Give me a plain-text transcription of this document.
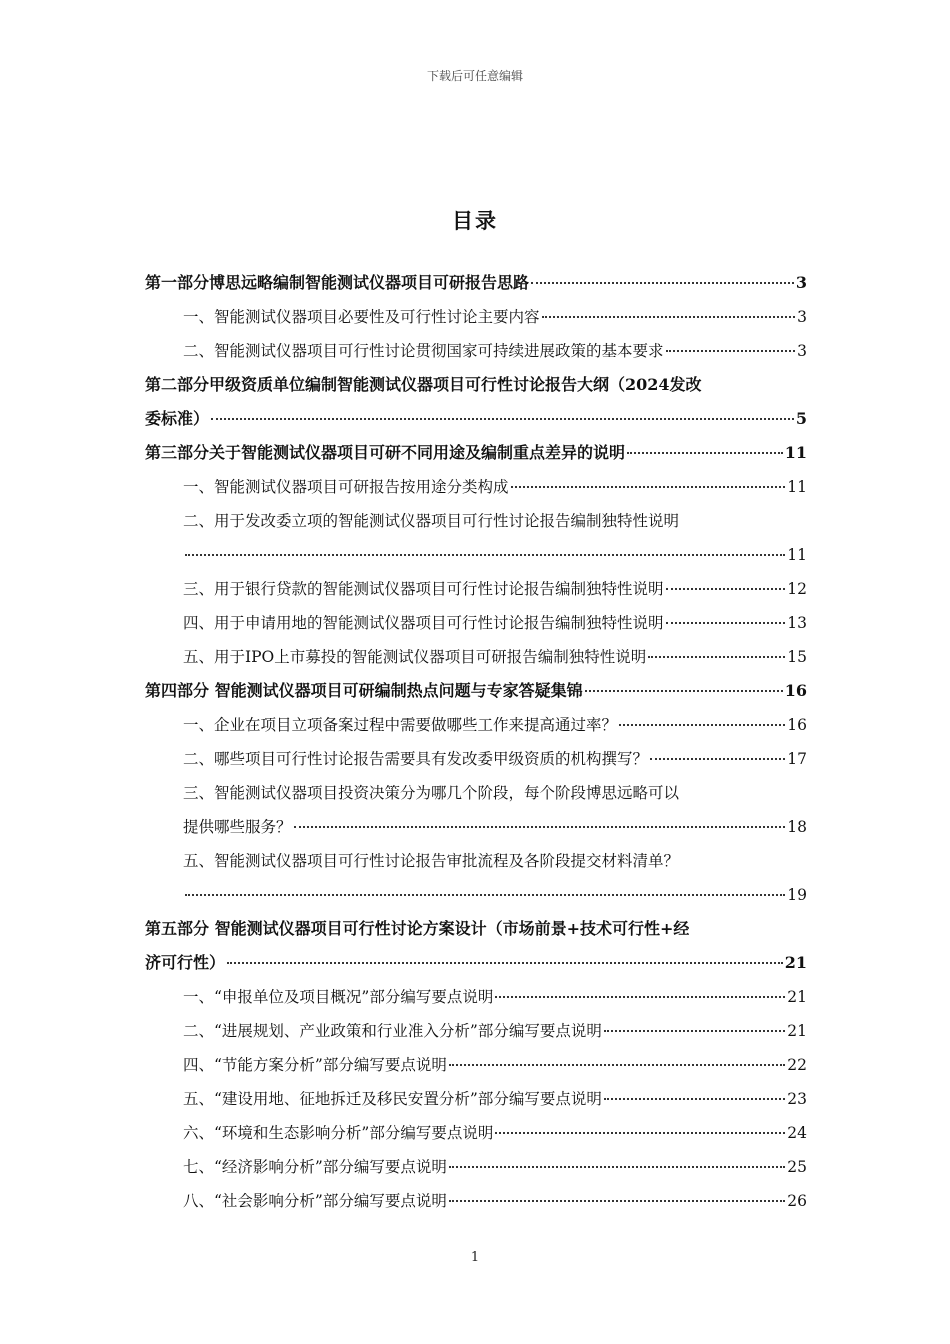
下载后可任意编辑
目录
第一部分博思远略编制智能测试仪器项目可研报告思路	3
一、智能测试仪器项目必要性及可行性讨论主要内容	3
二、智能测试仪器项目可行性讨论贯彻国家可持续进展政策的基本要求	3
第二部分甲级资质单位编制智能测试仪器项目可行性讨论报告大纲（2024发改
委标准）	5
第三部分关于智能测试仪器项目可研不同用途及编制重点差异的说明	11
一、智能测试仪器项目可研报告按用途分类构成	11
二、用于发改委立项的智能测试仪器项目可行性讨论报告编制独特性说明
11
三、用于银行贷款的智能测试仪器项目可行性讨论报告编制独特性说明	12
四、用于申请用地的智能测试仪器项目可行性讨论报告编制独特性说明	13
五、用于IPO上市募投的智能测试仪器项目可研报告编制独特性说明	15
第四部分 智能测试仪器项目可研编制热点问题与专家答疑集锦	16
一、企业在项目立项备案过程中需要做哪些工作来提高通过率？	16
二、哪些项目可行性讨论报告需要具有发改委甲级资质的机构撰写？	17
三、智能测试仪器项目投资决策分为哪几个阶段，每个阶段博思远略可以
提供哪些服务？	18
五、智能测试仪器项目可行性讨论报告审批流程及各阶段提交材料清单？
19
第五部分 智能测试仪器项目可行性讨论方案设计（市场前景+技术可行性+经
济可行性）	21
一、“申报单位及项目概况”部分编写要点说明	21
二、“进展规划、产业政策和行业准入分析”部分编写要点说明	21
四、“节能方案分析”部分编写要点说明	22
五、“建设用地、征地拆迁及移民安置分析”部分编写要点说明	23
六、“环境和生态影响分析”部分编写要点说明	24
七、“经济影响分析”部分编写要点说明	25
八、“社会影响分析”部分编写要点说明	26
1
